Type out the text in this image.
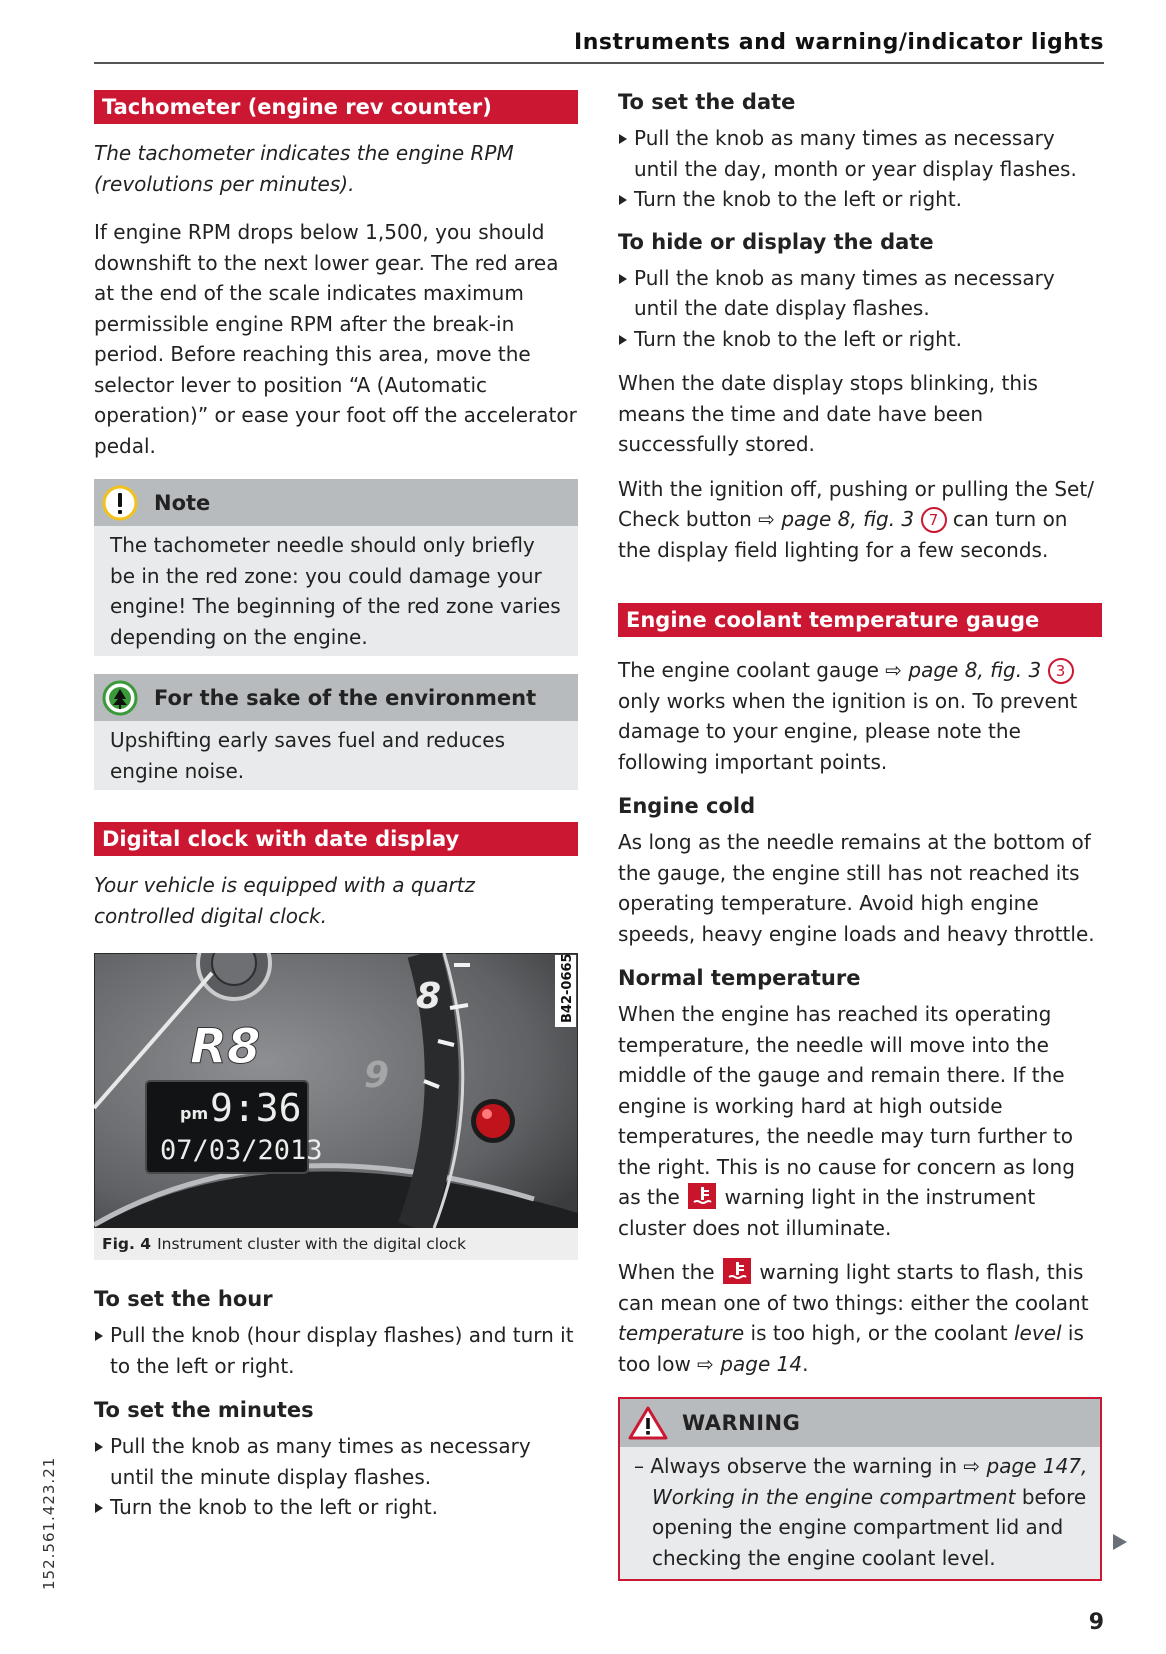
Instruments and warning/indicator lights
Tachometer (engine rev counter)

The tachometer indicates the engine RPM (revolutions per minutes).

If engine RPM drops below 1,500, you should downshift to the next lower gear. The red area at the end of the scale indicates maximum permissible engine RPM after the break-in period. Before reaching this area, move the selector lever to position “A (Automatic operation)” or ease your foot off the accelerator pedal.

Note

The tachometer needle should only briefly be in the red zone: you could damage your engine! The beginning of the red zone varies depending on the engine.

For the sake of the environment

Upshifting early saves fuel and reduces engine noise.

Digital clock with date display

Your vehicle is equipped with a quartz controlled digital clock.

8
9
R8
pm 9:36
07/03/2013
B42-0665
Fig. 4 Instrument cluster with the digital clock
To set the hour
Pull the knob (hour display flashes) and turn it to the left or right.
To set the minutes
Pull the knob as many times as necessary until the minute display flashes.
Turn the knob to the left or right.
To set the date
Pull the knob as many times as necessary until the day, month or year display flashes.
Turn the knob to the left or right.
To hide or display the date
Pull the knob as many times as necessary until the date display flashes.
Turn the knob to the left or right.

When the date display stops blinking, this means the time and date have been successfully stored.

With the ignition off, pushing or pulling the Set/ Check button ⇨ page 8, fig. 3 7 can turn on the display field lighting for a few seconds.

Engine coolant temperature gauge

The engine coolant gauge ⇨ page 8, fig. 3 3 only works when the ignition is on. To prevent damage to your engine, please note the following important points.

Engine cold

As long as the needle remains at the bottom of the gauge, the engine still has not reached its operating temperature. Avoid high engine speeds, heavy engine loads and heavy throttle.

Normal temperature

When the engine has reached its operating temperature, the needle will move into the middle of the gauge and remain there. If the engine is working hard at high outside temperatures, the needle may turn further to the right. This is no cause for concern as long as the warning light in the instrument cluster does not illuminate.

When the warning light starts to flash, this can mean one of two things: either the coolant temperature is too high, or the coolant level is too low ⇨ page 14.

WARNING

– Always observe the warning in ⇨ page 147, Working in the engine compartment before opening the engine compartment lid and checking the engine coolant level.

152.561.423.21
9
